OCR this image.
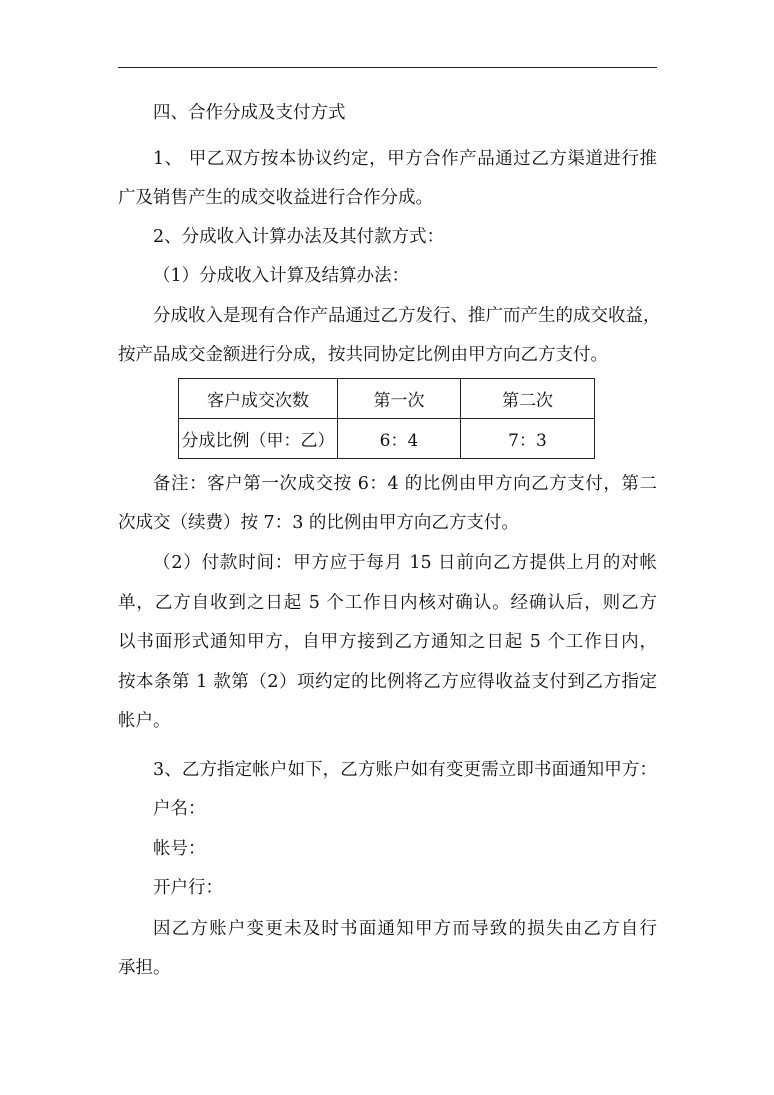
四、合作分成及支付方式
1、 甲乙双方按本协议约定，甲方合作产品通过乙方渠道进行推
广及销售产生的成交收益进行合作分成。
2、分成收入计算办法及其付款方式：
（1）分成收入计算及结算办法：
分成收入是现有合作产品通过乙方发行、推广而产生的成交收益，
按产品成交金额进行分成，按共同协定比例由甲方向乙方支付。
客户成交次数	第一次	第二次
分成比例（甲：乙）	6：4	7：3
备注：客户第一次成交按 6：4 的比例由甲方向乙方支付，第二
次成交（续费）按 7：3 的比例由甲方向乙方支付。
（2）付款时间：甲方应于每月 15 日前向乙方提供上月的对帐
单，乙方自收到之日起 5 个工作日内核对确认。经确认后，则乙方
以书面形式通知甲方，自甲方接到乙方通知之日起 5 个工作日内，
按本条第 1 款第（2）项约定的比例将乙方应得收益支付到乙方指定
帐户。
3、乙方指定帐户如下，乙方账户如有变更需立即书面通知甲方：
户名：
帐号：
开户行：
因乙方账户变更未及时书面通知甲方而导致的损失由乙方自行
承担。
